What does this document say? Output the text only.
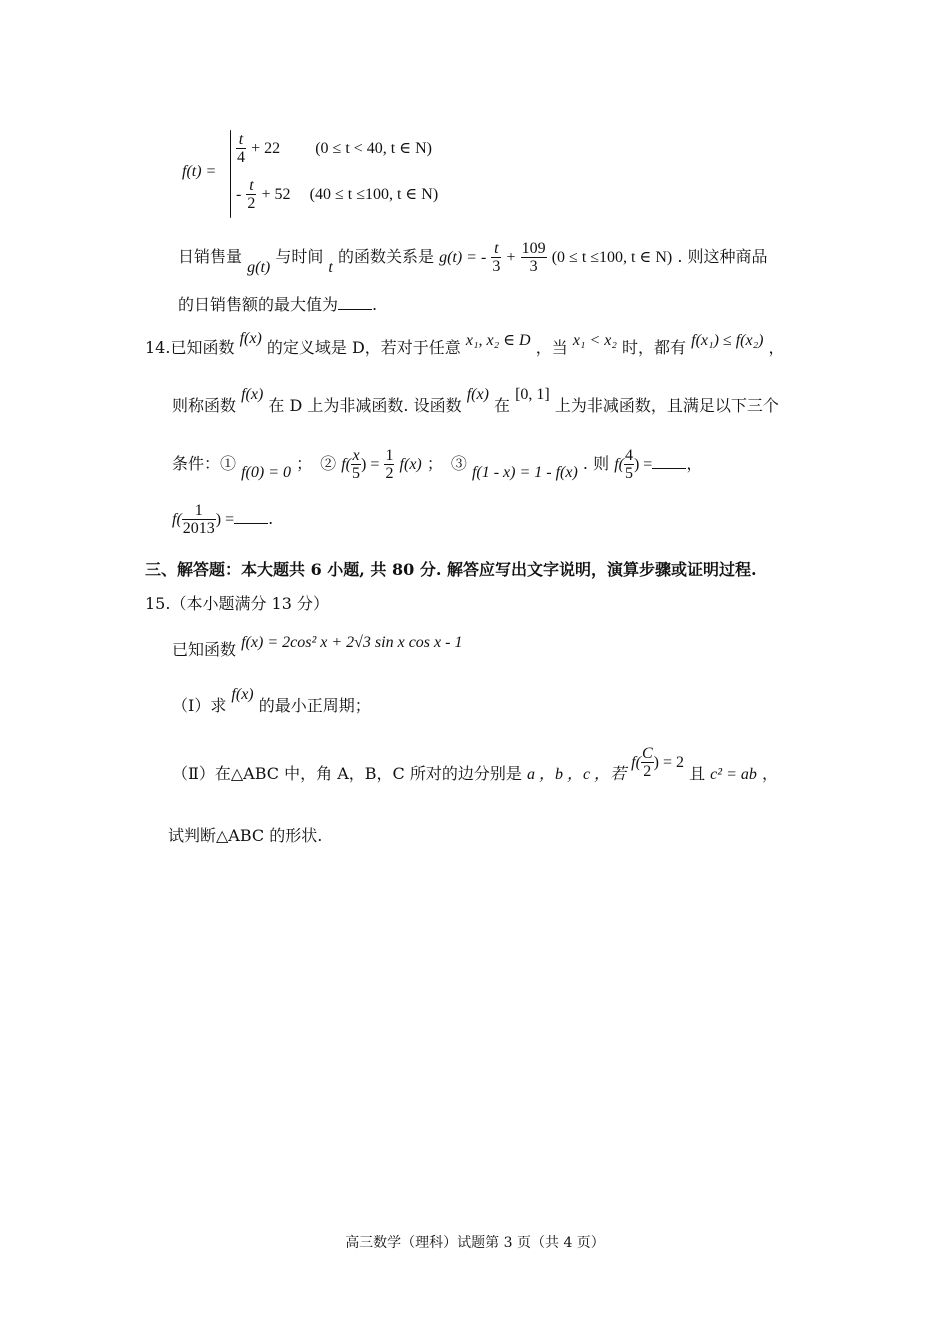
f(t) =
$\frac{t}{4} + 22$ (0 ≤ t < 40, t ∈ N)
- $\frac{t}{2} + 52$ (40 ≤ t ≤100, t ∈ N)
日销售量 g(t) 与时间 t 的函数关系是 g(t) = - $\frac{t}{3} + \frac{109}{3} (0 \le t \le 100$, t ∈ N) . 则这种商品
的日销售额的最大值为 .
14.已知函数 f(x) 的定义域是 D，若对于任意 x₁, x₂ ∈ D ，当 x₁ < x₂ 时，都有 f(x₁) ≤ f(x₂) ，
则称函数 f(x) 在 D 上为非减函数. 设函数 f(x) 在 [0, 1] 上为非减函数，且满足以下三个
条件：① f(0) = 0 ；　② $f( \frac{x}{5}$ ) = $\frac{1}{2} f(x)$ ；　③ f(1 - x) = 1 - f(x) . 则 $f( \frac{4}{5}$ ) = ，
$f( \frac{1}{2013}$ ) = .
三、解答题：本大题共 6 小题, 共 80 分. 解答应写出文字说明，演算步骤或证明过程.
15.（本小题满分 13 分）
已知函数 f(x) = 2cos² x + 2√3 sin x cos x - 1
（Ⅰ）求 f(x) 的最小正周期；
（Ⅱ）在△ABC 中，角 A，B，C 所对的边分别是 a ，b ，c ，若 $f( \frac{C}{2}$ ) = 2 且 c² = ab ，
试判断△ABC 的形状.
高三数学（理科）试题第 3 页（共 4 页）
